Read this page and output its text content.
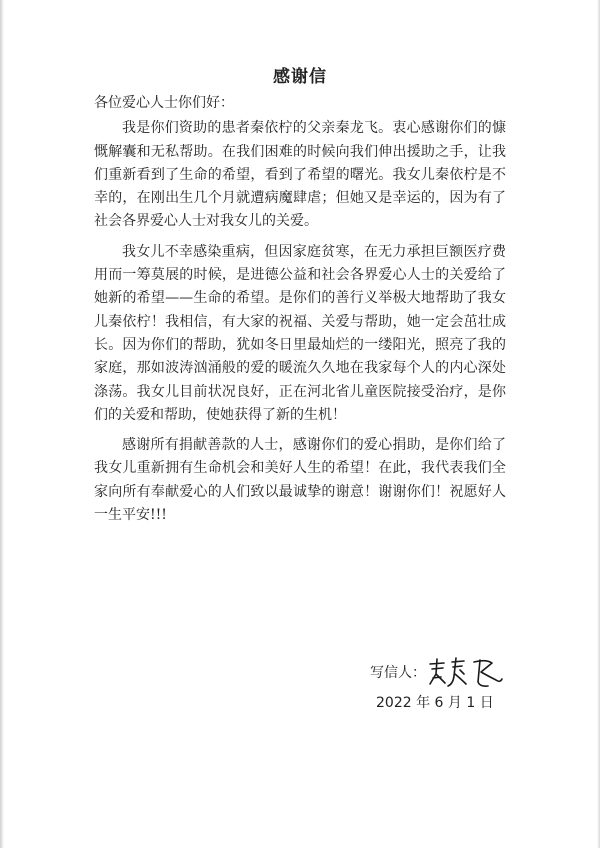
感谢信
各位爱心人士你们好：

我是你们资助的患者秦依柠的父亲秦龙飞。衷心感谢你们的慷慨解囊和无私帮助。在我们困难的时候向我们伸出援助之手，让我们重新看到了生命的希望，看到了希望的曙光。我女儿秦依柠是不幸的，在刚出生几个月就遭病魔肆虐；但她又是幸运的，因为有了社会各界爱心人士对我女儿的关爱。

我女儿不幸感染重病，但因家庭贫寒，在无力承担巨额医疗费用而一筹莫展的时候，是进德公益和社会各界爱心人士的关爱给了她新的希望——生命的希望。是你们的善行义举极大地帮助了我女儿秦依柠！我相信，有大家的祝福、关爱与帮助，她一定会茁壮成长。因为你们的帮助，犹如冬日里最灿烂的一缕阳光，照亮了我的家庭，那如波涛汹涌般的爱的暖流久久地在我家每个人的内心深处涤荡。我女儿目前状况良好，正在河北省儿童医院接受治疗，是你们的关爱和帮助，使她获得了新的生机！

感谢所有捐献善款的人士，感谢你们的爱心捐助，是你们给了我女儿重新拥有生命机会和美好人生的希望！在此，我代表我们全家向所有奉献爱心的人们致以最诚挚的谢意！谢谢你们！祝愿好人一生平安!!!

写信人：
2022 年 6 月 1 日
